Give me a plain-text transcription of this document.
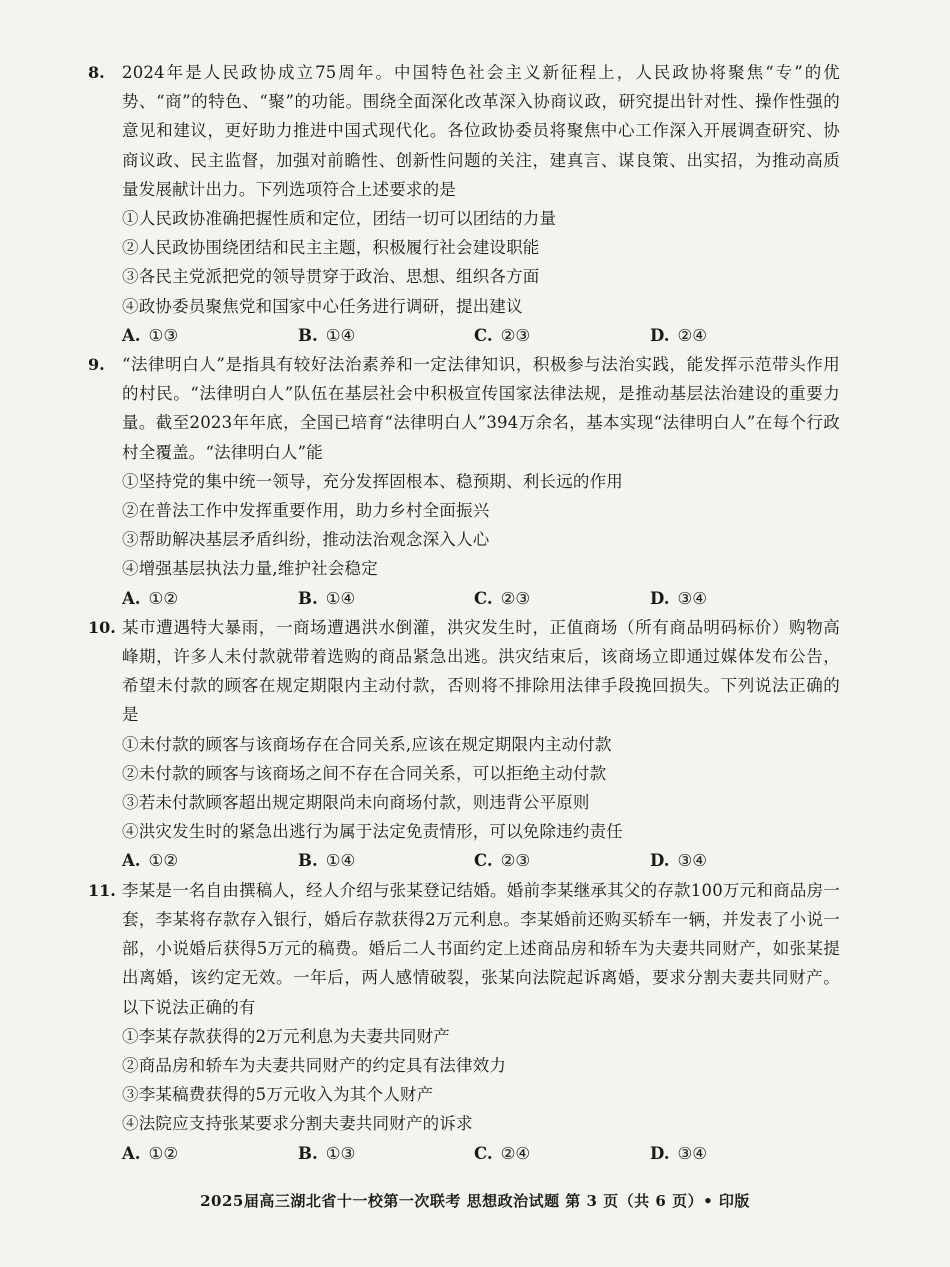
8.	2024年是人民政协成立75周年。中国特色社会主义新征程上，人民政协将聚焦“专”的优势、“商”的特色、“聚”的功能。围绕全面深化改革深入协商议政，研究提出针对性、操作性强的意见和建议，更好助力推进中国式现代化。各位政协委员将聚焦中心工作深入开展调查研究、协商议政、民主监督，加强对前瞻性、创新性问题的关注，建真言、谋良策、出实招，为推动高质量发展献计出力。下列选项符合上述要求的是
①人民政协准确把握性质和定位，团结一切可以团结的力量
②人民政协围绕团结和民主主题，积极履行社会建设职能
③各民主党派把党的领导贯穿于政治、思想、组织各方面
④政协委员聚焦党和国家中心任务进行调研，提出建议
A. ①③	B. ①④	C. ②③	D. ②④
9.	“法律明白人”是指具有较好法治素养和一定法律知识，积极参与法治实践，能发挥示范带头作用的村民。“法律明白人”队伍在基层社会中积极宣传国家法律法规，是推动基层法治建设的重要力量。截至2023年年底，全国已培育“法律明白人”394万余名，基本实现“法律明白人”在每个行政村全覆盖。“法律明白人”能
①坚持党的集中统一领导，充分发挥固根本、稳预期、利长远的作用
②在普法工作中发挥重要作用，助力乡村全面振兴
③帮助解决基层矛盾纠纷，推动法治观念深入人心
④增强基层执法力量,维护社会稳定
A. ①②	B. ①④	C. ②③	D. ③④
10. 某市遭遇特大暴雨，一商场遭遇洪水倒灌，洪灾发生时，正值商场（所有商品明码标价）购物高峰期，许多人未付款就带着选购的商品紧急出逃。洪灾结束后，该商场立即通过媒体发布公告，希望未付款的顾客在规定期限内主动付款，否则将不排除用法律手段挽回损失。下列说法正确的是
①未付款的顾客与该商场存在合同关系,应该在规定期限内主动付款
②未付款的顾客与该商场之间不存在合同关系，可以拒绝主动付款
③若未付款顾客超出规定期限尚未向商场付款，则违背公平原则
④洪灾发生时的紧急出逃行为属于法定免责情形，可以免除违约责任
A. ①②	B. ①④	C. ②③	D. ③④
11. 李某是一名自由撰稿人，经人介绍与张某登记结婚。婚前李某继承其父的存款100万元和商品房一套，李某将存款存入银行，婚后存款获得2万元利息。李某婚前还购买轿车一辆，并发表了小说一部，小说婚后获得5万元的稿费。婚后二人书面约定上述商品房和轿车为夫妻共同财产，如张某提出离婚，该约定无效。一年后，两人感情破裂，张某向法院起诉离婚，要求分割夫妻共同财产。以下说法正确的有
①李某存款获得的2万元利息为夫妻共同财产
②商品房和轿车为夫妻共同财产的约定具有法律效力
③李某稿费获得的5万元收入为其个人财产
④法院应支持张某要求分割夫妻共同财产的诉求
A. ①②	B. ①③	C. ②④	D. ③④
2025届高三湖北省十一校第一次联考 思想政治试题 第 3 页（共 6 页）• 印版
